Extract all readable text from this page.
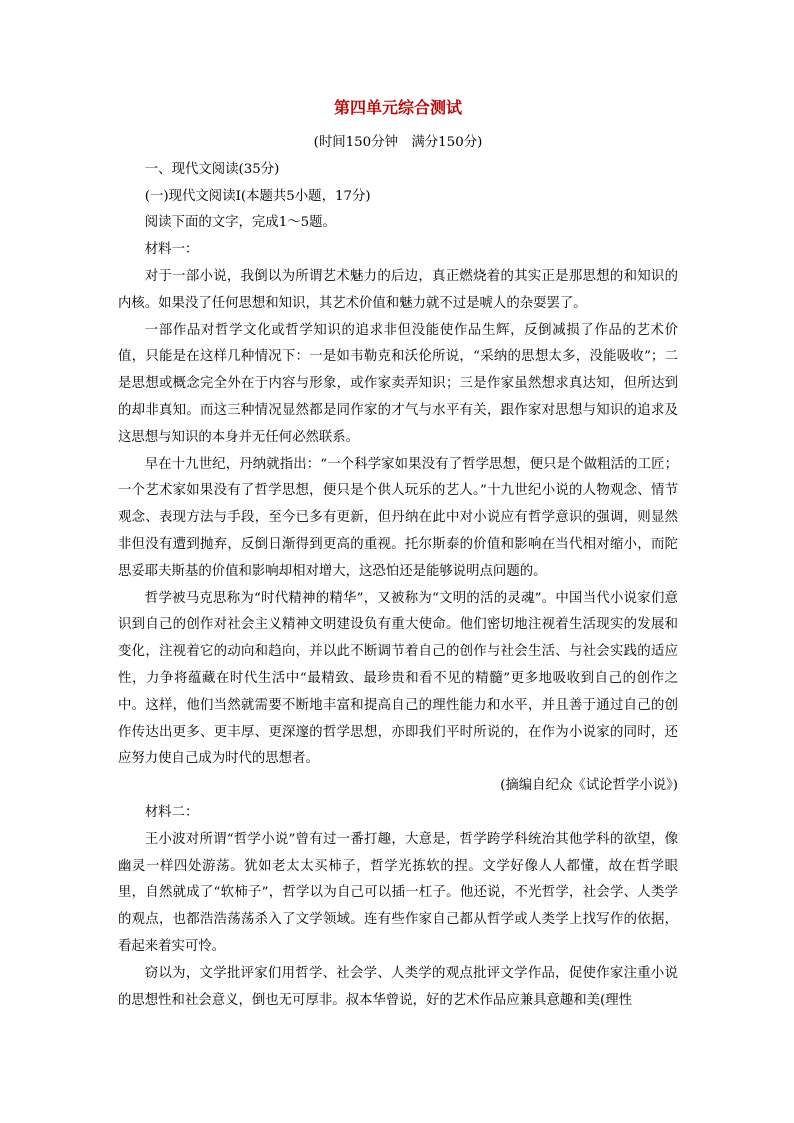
第四单元综合测试
(时间150分钟　满分150分)
一、现代文阅读(35分)
(一)现代文阅读Ⅰ(本题共5小题，17分)
阅读下面的文字，完成1～5题。
材料一：
对于一部小说，我倒以为所谓艺术魅力的后边，真正燃烧着的其实正是那思想的和知识的内核。如果没了任何思想和知识，其艺术价值和魅力就不过是唬人的杂耍罢了。
一部作品对哲学文化或哲学知识的追求非但没能使作品生辉，反倒减损了作品的艺术价值，只能是在这样几种情况下：一是如韦勒克和沃伦所说，“采纳的思想太多，没能吸收”；二是思想或概念完全外在于内容与形象，或作家卖弄知识；三是作家虽然想求真达知，但所达到的却非真知。而这三种情况显然都是同作家的才气与水平有关，跟作家对思想与知识的追求及这思想与知识的本身并无任何必然联系。
早在十九世纪，丹纳就指出：“一个科学家如果没有了哲学思想，便只是个做粗活的工匠；一个艺术家如果没有了哲学思想，便只是个供人玩乐的艺人。”十九世纪小说的人物观念、情节观念、表现方法与手段，至今已多有更新，但丹纳在此中对小说应有哲学意识的强调，则显然非但没有遭到抛弃，反倒日渐得到更高的重视。托尔斯泰的价值和影响在当代相对缩小，而陀思妥耶夫斯基的价值和影响却相对增大，这恐怕还是能够说明点问题的。
哲学被马克思称为“时代精神的精华”，又被称为“文明的活的灵魂”。中国当代小说家们意识到自己的创作对社会主义精神文明建设负有重大使命。他们密切地注视着生活现实的发展和变化，注视着它的动向和趋向，并以此不断调节着自己的创作与社会生活、与社会实践的适应性，力争将蕴藏在时代生活中“最精致、最珍贵和看不见的精髓”更多地吸收到自己的创作之中。这样，他们当然就需要不断地丰富和提高自己的理性能力和水平，并且善于通过自己的创作传达出更多、更丰厚、更深邃的哲学思想，亦即我们平时所说的，在作为小说家的同时，还应努力使自己成为时代的思想者。
(摘编自纪众《试论哲学小说》)
材料二：
王小波对所谓“哲学小说”曾有过一番打趣，大意是，哲学跨学科统治其他学科的欲望，像幽灵一样四处游荡。犹如老太太买柿子，哲学光拣软的捏。文学好像人人都懂，故在哲学眼里，自然就成了“软柿子”，哲学以为自己可以插一杠子。他还说，不光哲学，社会学、人类学的观点，也都浩浩荡荡杀入了文学领域。连有些作家自己都从哲学或人类学上找写作的依据，看起来着实可怜。
窃以为，文学批评家们用哲学、社会学、人类学的观点批评文学作品，促使作家注重小说的思想性和社会意义，倒也无可厚非。叔本华曾说，好的艺术作品应兼具意趣和美(理性
